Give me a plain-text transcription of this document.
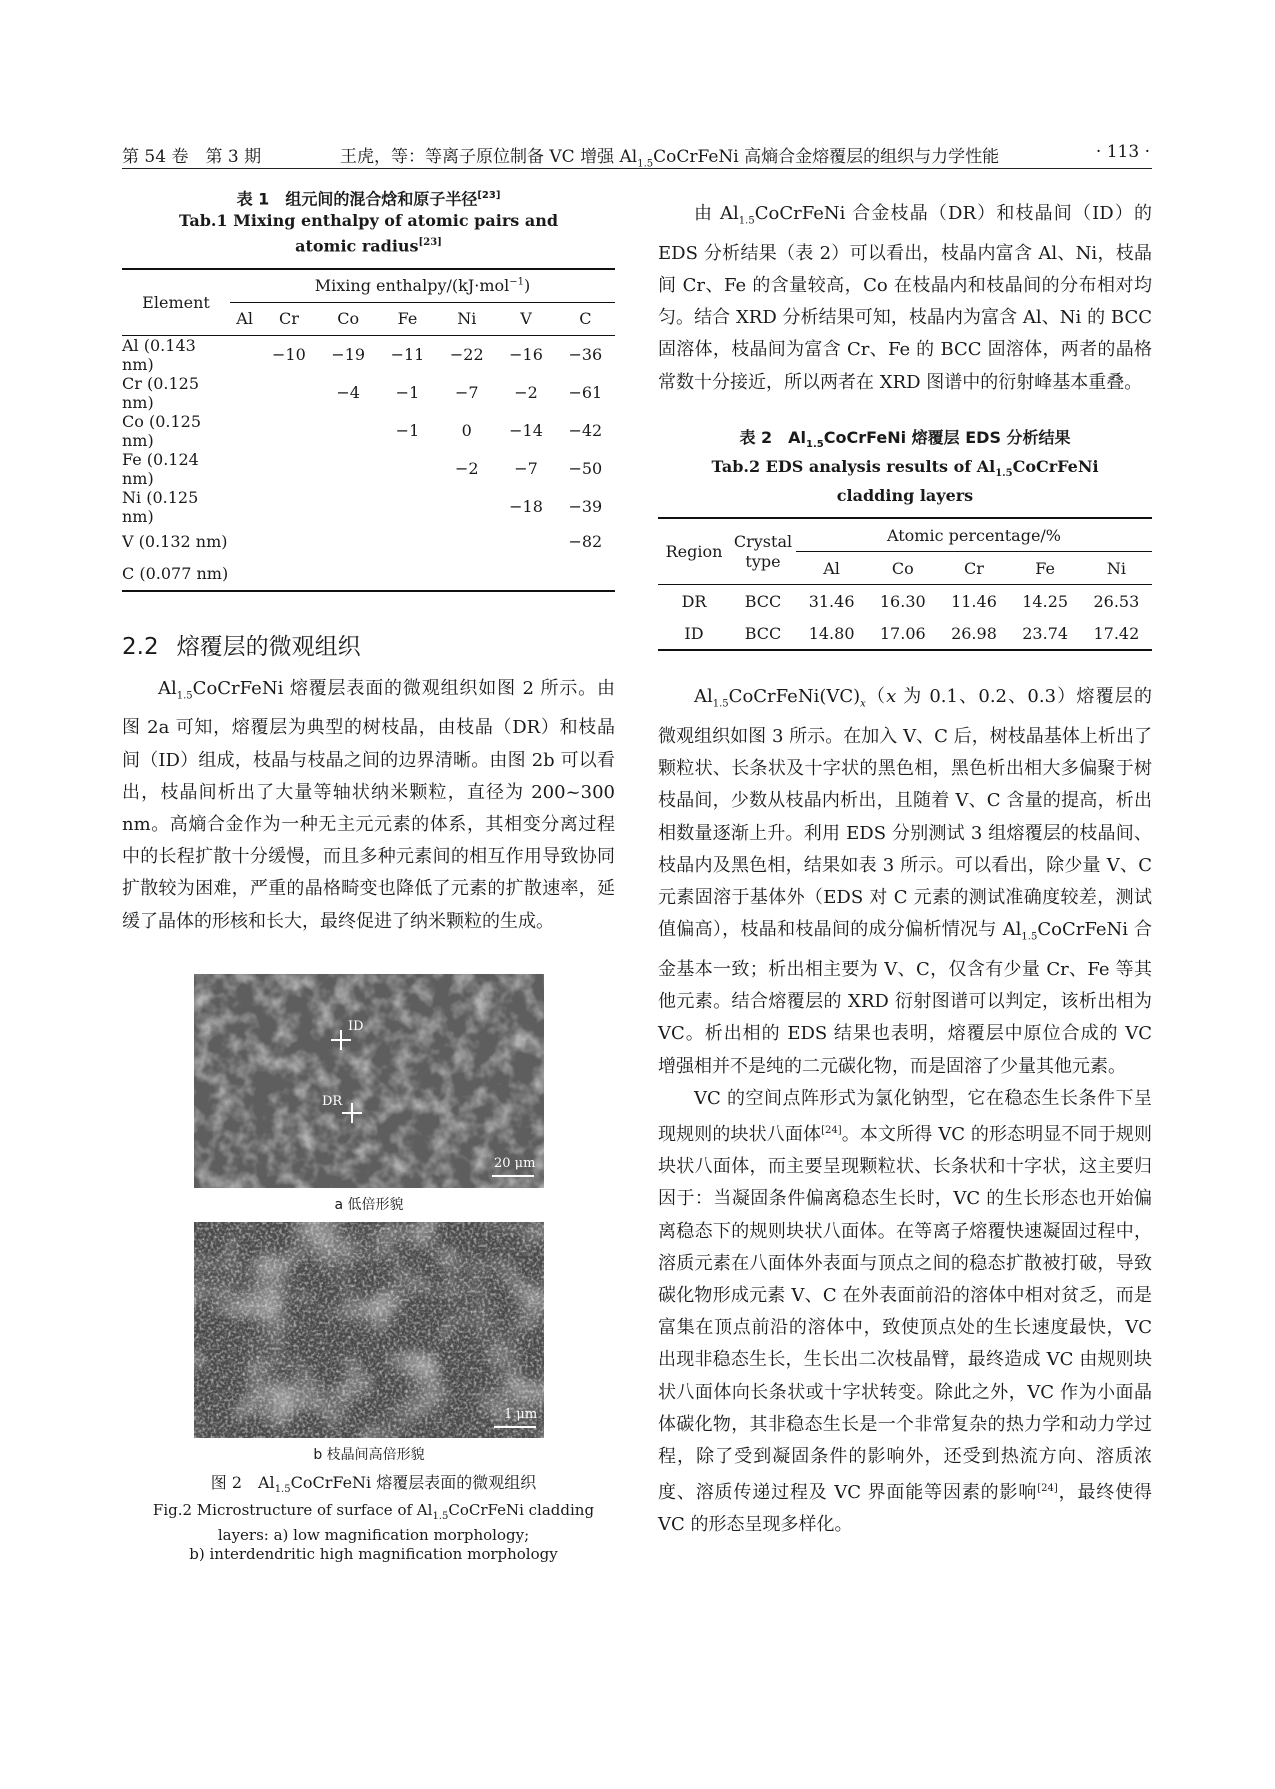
第 54 卷　第 3 期	王虎，等：等离子原位制备 VC 增强 $Al_{1.5}CoCrFeNi$ 高熵合金熔覆层的组织与力学性能	· 113 ·
表 1　组元间的混合焓和原子半径[23]
Tab.1 Mixing enthalpy of atomic pairs and
atomic radius[23]
Element	Mixing enthalpy/(kJ·mol$^{-1}$)						
	Al	Cr	Co	Fe	Ni	V	C
Al (0.143 nm)		−10	−19	−11	−22	−16	−36
Cr (0.125 nm)			−4	−1	−7	−2	−61
Co (0.125 nm)				−1	0	−14	−42
Fe (0.124 nm)					−2	−7	−50
Ni (0.125 nm)						−18	−39
V (0.132 nm)							−82
C (0.077 nm)							
2.2 熔覆层的微观组织

$Al_{1.5}CoCrFeNi$ 熔覆层表面的微观组织如图 2 所示。由图 2a 可知，熔覆层为典型的树枝晶，由枝晶（DR）和枝晶间（ID）组成，枝晶与枝晶之间的边界清晰。由图 2b 可以看出，枝晶间析出了大量等轴状纳米颗粒，直径为 200~300 nm。高熵合金作为一种无主元元素的体系，其相变分离过程中的长程扩散十分缓慢，而且多种元素间的相互作用导致协同扩散较为困难，严重的晶格畸变也降低了元素的扩散速率，延缓了晶体的形核和长大，最终促进了纳米颗粒的生成。

ID
DR
20 μm
a 低倍形貌
1 μm
b 枝晶间高倍形貌
图 2　$Al_{1.5}CoCrFeNi$ 熔覆层表面的微观组织
Fig.2 Microstructure of surface of $Al_{1.5}CoCrFeNi$ cladding
layers: a) low magnification morphology;
b) interdendritic high magnification morphology

由 $Al_{1.5}CoCrFeNi$ 合金枝晶（DR）和枝晶间（ID）的 EDS 分析结果（表 2）可以看出，枝晶内富含 Al、Ni，枝晶间 Cr、Fe 的含量较高，Co 在枝晶内和枝晶间的分布相对均匀。结合 XRD 分析结果可知，枝晶内为富含 Al、Ni 的 BCC 固溶体，枝晶间为富含 Cr、Fe 的 BCC 固溶体，两者的晶格常数十分接近，所以两者在 XRD 图谱中的衍射峰基本重叠。

表 2　$Al_{1.5}CoCrFeNi$ 熔覆层 EDS 分析结果
Tab.2 EDS analysis results of $Al_{1.5}CoCrFeNi$
cladding layers
Region	Crystal
type	Atomic percentage/%				
		Al	Co	Cr	Fe	Ni
DR	BCC	31.46	16.30	11.46	14.25	26.53
ID	BCC	14.80	17.06	26.98	23.74	17.42

$Al_{1.5}CoCrFeNi(VC)_x(x$ 为 0.1、0.2、0.3）熔覆层的微观组织如图 3 所示。在加入 V、C 后，树枝晶基体上析出了颗粒状、长条状及十字状的黑色相，黑色析出相大多偏聚于树枝晶间，少数从枝晶内析出，且随着 V、C 含量的提高，析出相数量逐渐上升。利用 EDS 分别测试 3 组熔覆层的枝晶间、枝晶内及黑色相，结果如表 3 所示。可以看出，除少量 V、C 元素固溶于基体外（EDS 对 C 元素的测试准确度较差，测试值偏高），枝晶和枝晶间的成分偏析情况与 $Al_{1.5}CoCrFeNi$ 合金基本一致；析出相主要为 V、C，仅含有少量 Cr、Fe 等其他元素。结合熔覆层的 XRD 衍射图谱可以判定，该析出相为 VC。析出相的 EDS 结果也表明，熔覆层中原位合成的 VC 增强相并不是纯的二元碳化物，而是固溶了少量其他元素。

VC 的空间点阵形式为氯化钠型，它在稳态生长条件下呈现规则的块状八面体[24]。本文所得 VC 的形态明显不同于规则块状八面体，而主要呈现颗粒状、长条状和十字状，这主要归因于：当凝固条件偏离稳态生长时，VC 的生长形态也开始偏离稳态下的规则块状八面体。在等离子熔覆快速凝固过程中，溶质元素在八面体外表面与顶点之间的稳态扩散被打破，导致碳化物形成元素 V、C 在外表面前沿的溶体中相对贫乏，而是富集在顶点前沿的溶体中，致使顶点处的生长速度最快，VC 出现非稳态生长，生长出二次枝晶臂，最终造成 VC 由规则块状八面体向长条状或十字状转变。除此之外，VC 作为小面晶体碳化物，其非稳态生长是一个非常复杂的热力学和动力学过程，除了受到凝固条件的影响外，还受到热流方向、溶质浓度、溶质传递过程及 VC 界面能等因素的影响[24]，最终使得 VC 的形态呈现多样化。
